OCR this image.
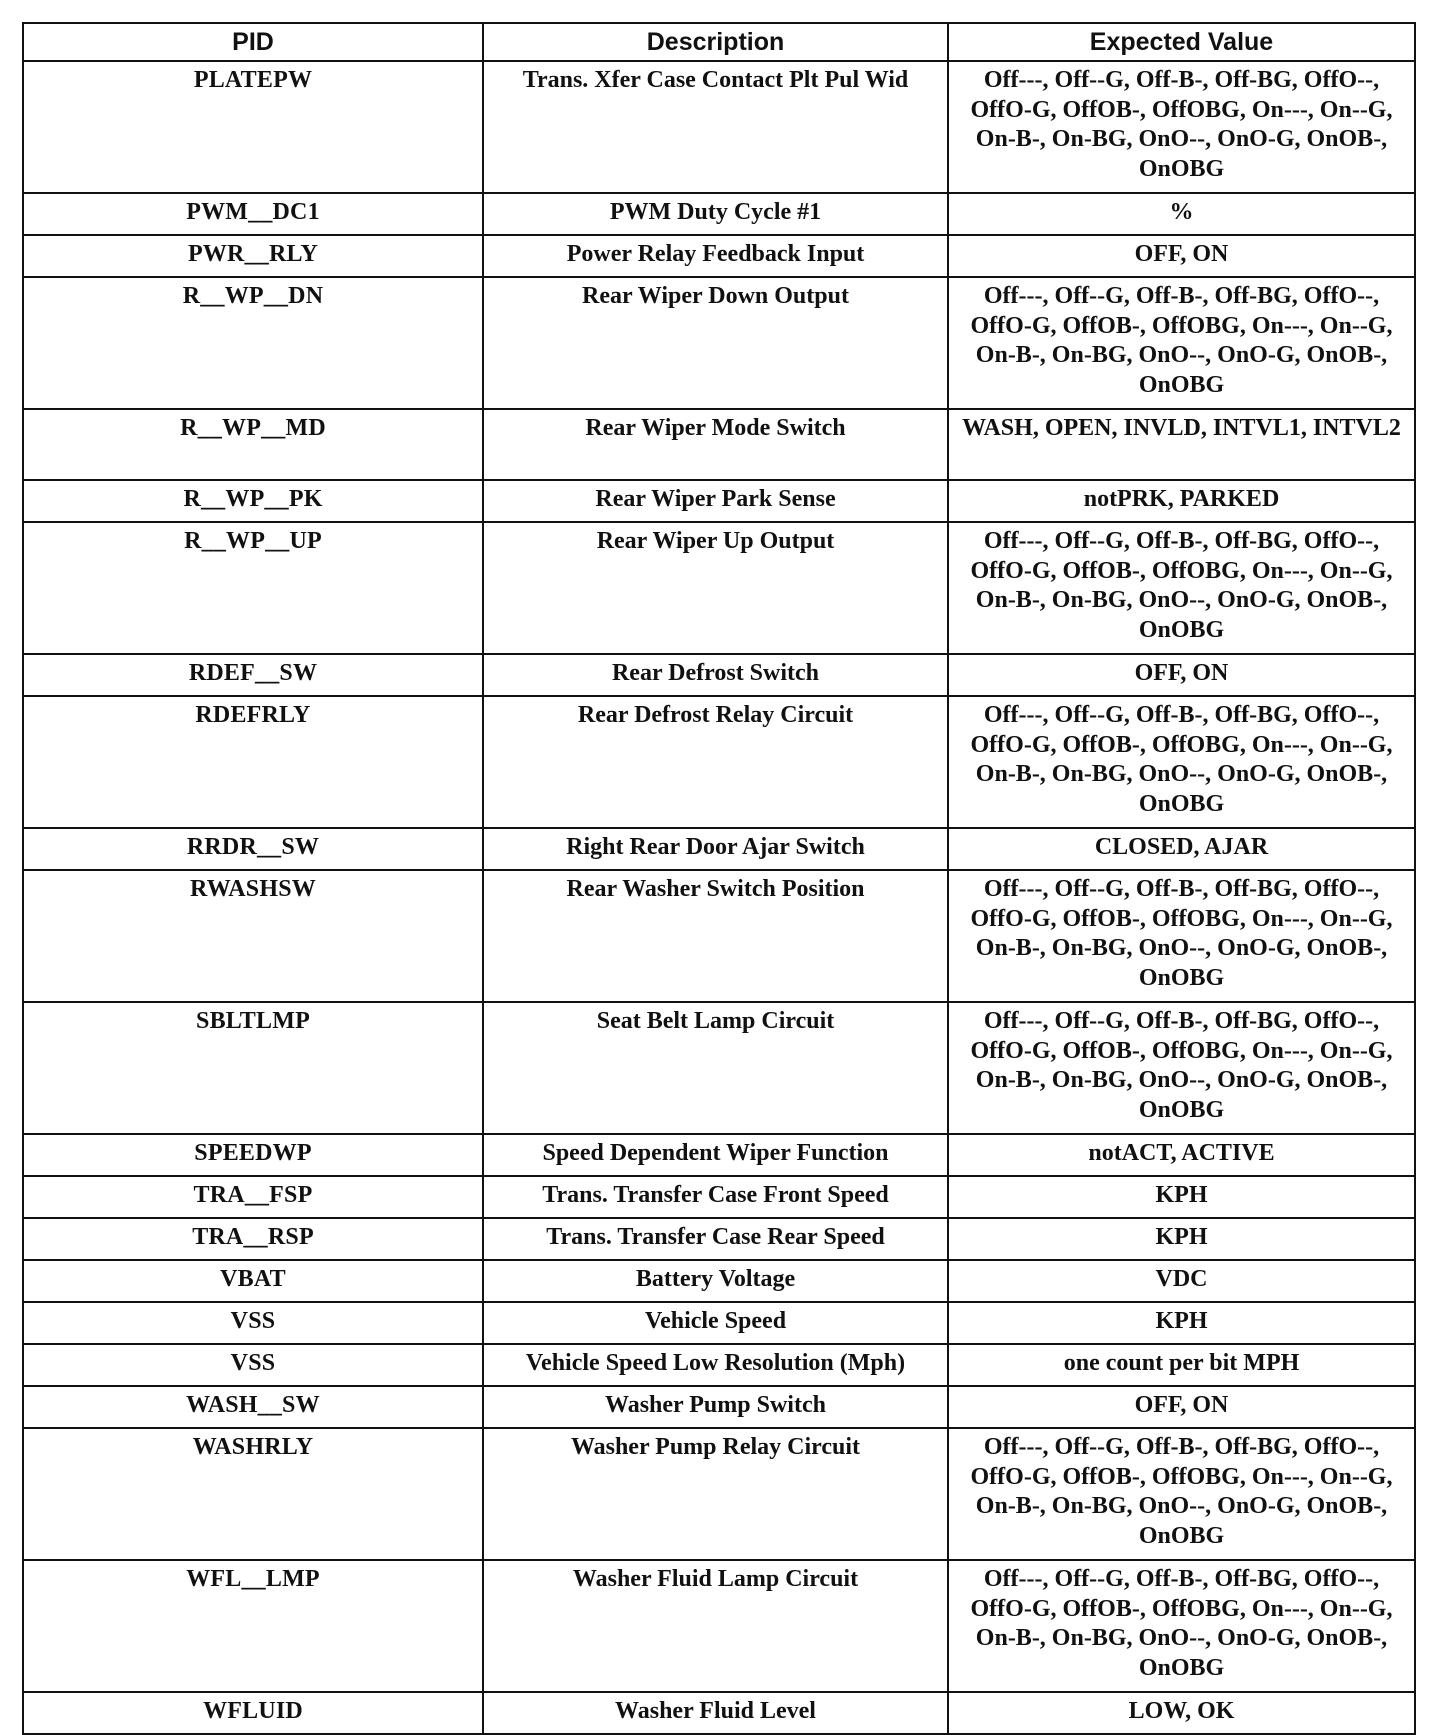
PID	Description	Expected Value
PLATEPW	Trans. Xfer Case Contact Plt Pul Wid	Off---, Off--G, Off-B-, Off-BG, OffO--, OffO-G, OffOB-, OffOBG, On---, On--G, On-B-, On-BG, OnO--, OnO-G, OnOB-, OnOBG
PWM__DC1	PWM Duty Cycle #1	%
PWR__RLY	Power Relay Feedback Input	OFF, ON
R__WP__DN	Rear Wiper Down Output	Off---, Off--G, Off-B-, Off-BG, OffO--, OffO-G, OffOB-, OffOBG, On---, On--G, On-B-, On-BG, OnO--, OnO-G, OnOB-, OnOBG
R__WP__MD	Rear Wiper Mode Switch	WASH, OPEN, INVLD, INTVL1, INTVL2
R__WP__PK	Rear Wiper Park Sense	notPRK, PARKED
R__WP__UP	Rear Wiper Up Output	Off---, Off--G, Off-B-, Off-BG, OffO--, OffO-G, OffOB-, OffOBG, On---, On--G, On-B-, On-BG, OnO--, OnO-G, OnOB-, OnOBG
RDEF__SW	Rear Defrost Switch	OFF, ON
RDEFRLY	Rear Defrost Relay Circuit	Off---, Off--G, Off-B-, Off-BG, OffO--, OffO-G, OffOB-, OffOBG, On---, On--G, On-B-, On-BG, OnO--, OnO-G, OnOB-, OnOBG
RRDR__SW	Right Rear Door Ajar Switch	CLOSED, AJAR
RWASHSW	Rear Washer Switch Position	Off---, Off--G, Off-B-, Off-BG, OffO--, OffO-G, OffOB-, OffOBG, On---, On--G, On-B-, On-BG, OnO--, OnO-G, OnOB-, OnOBG
SBLTLMP	Seat Belt Lamp Circuit	Off---, Off--G, Off-B-, Off-BG, OffO--, OffO-G, OffOB-, OffOBG, On---, On--G, On-B-, On-BG, OnO--, OnO-G, OnOB-, OnOBG
SPEEDWP	Speed Dependent Wiper Function	notACT, ACTIVE
TRA__FSP	Trans. Transfer Case Front Speed	KPH
TRA__RSP	Trans. Transfer Case Rear Speed	KPH
VBAT	Battery Voltage	VDC
VSS	Vehicle Speed	KPH
VSS	Vehicle Speed Low Resolution (Mph)	one count per bit MPH
WASH__SW	Washer Pump Switch	OFF, ON
WASHRLY	Washer Pump Relay Circuit	Off---, Off--G, Off-B-, Off-BG, OffO--, OffO-G, OffOB-, OffOBG, On---, On--G, On-B-, On-BG, OnO--, OnO-G, OnOB-, OnOBG
WFL__LMP	Washer Fluid Lamp Circuit	Off---, Off--G, Off-B-, Off-BG, OffO--, OffO-G, OffOB-, OffOBG, On---, On--G, On-B-, On-BG, OnO--, OnO-G, OnOB-, OnOBG
WFLUID	Washer Fluid Level	LOW, OK
